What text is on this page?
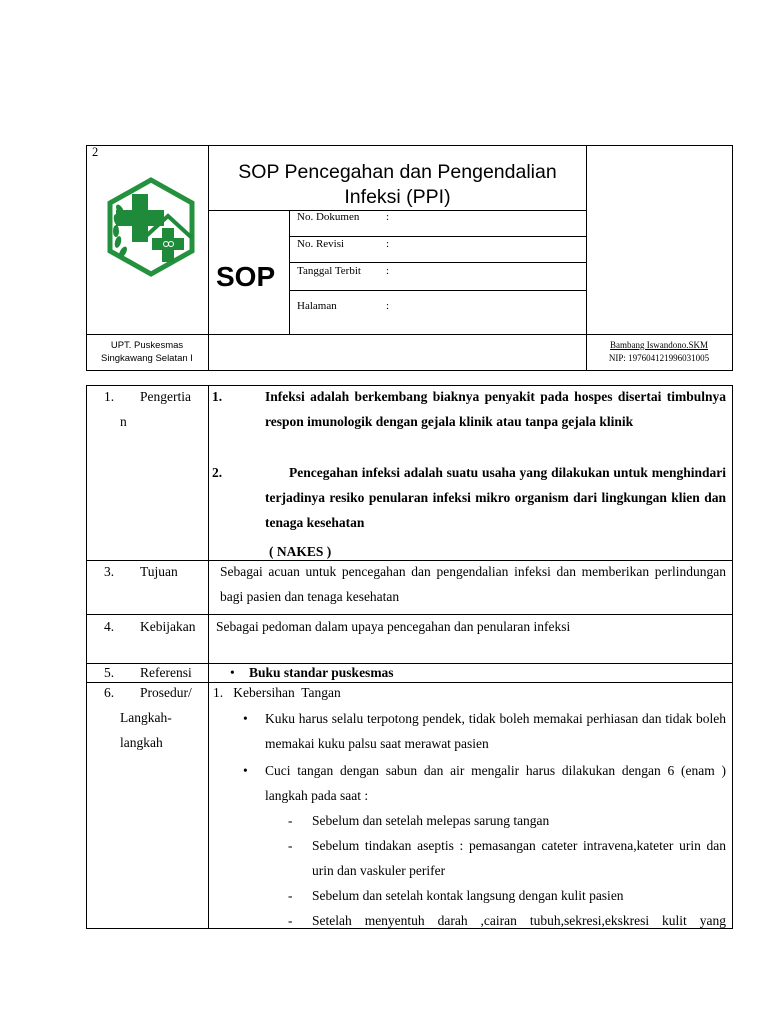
2
SOP Pencegahan dan Pengendalian
Infeksi (PPI)
SOP
No. Dokumen :
No. Revisi	:
Tanggal Terbit :
Halaman	:
UPT. Puskesmas
Singkawang Selatan I
Bambang Iswandono.SKM
NIP: 197604121996031005
1. Pengertia
n
1.	Infeksi adalah berkembang biaknya penyakit pada hospes disertai timbulnya respon imunologik dengan gejala klinik atau tanpa gejala klinik
2.	Pencegahan infeksi adalah suatu usaha yang dilakukan untuk menghindari terjadinya resiko penularan infeksi mikro organism dari lingkungan klien dan tenaga kesehatan
( NAKES )
3. Tujuan	Sebagai acuan untuk pencegahan dan pengendalian infeksi dan memberikan perlindungan bagi pasien dan tenaga kesehatan
4. Kebijakan Sebagai pedoman dalam upaya pencegahan dan penularan infeksi
5. Referensi	• Buku standar puskesmas
6. Prosedur/
Langkah-
langkah
1.   Kebersihan  Tangan
• Kuku harus selalu terpotong pendek, tidak boleh memakai perhiasan dan tidak boleh memakai kuku palsu saat merawat pasien
• Cuci tangan dengan sabun dan air mengalir harus dilakukan dengan 6 (enam ) langkah pada saat :
- Sebelum dan setelah melepas sarung tangan
- Sebelum tindakan aseptis : pemasangan cateter intravena,kateter urin dan urin dan vaskuler perifer
- Sebelum dan setelah kontak langsung dengan kulit pasien
- Setelah menyentuh darah ,cairan tubuh,sekresi,ekskresi kulit yang
